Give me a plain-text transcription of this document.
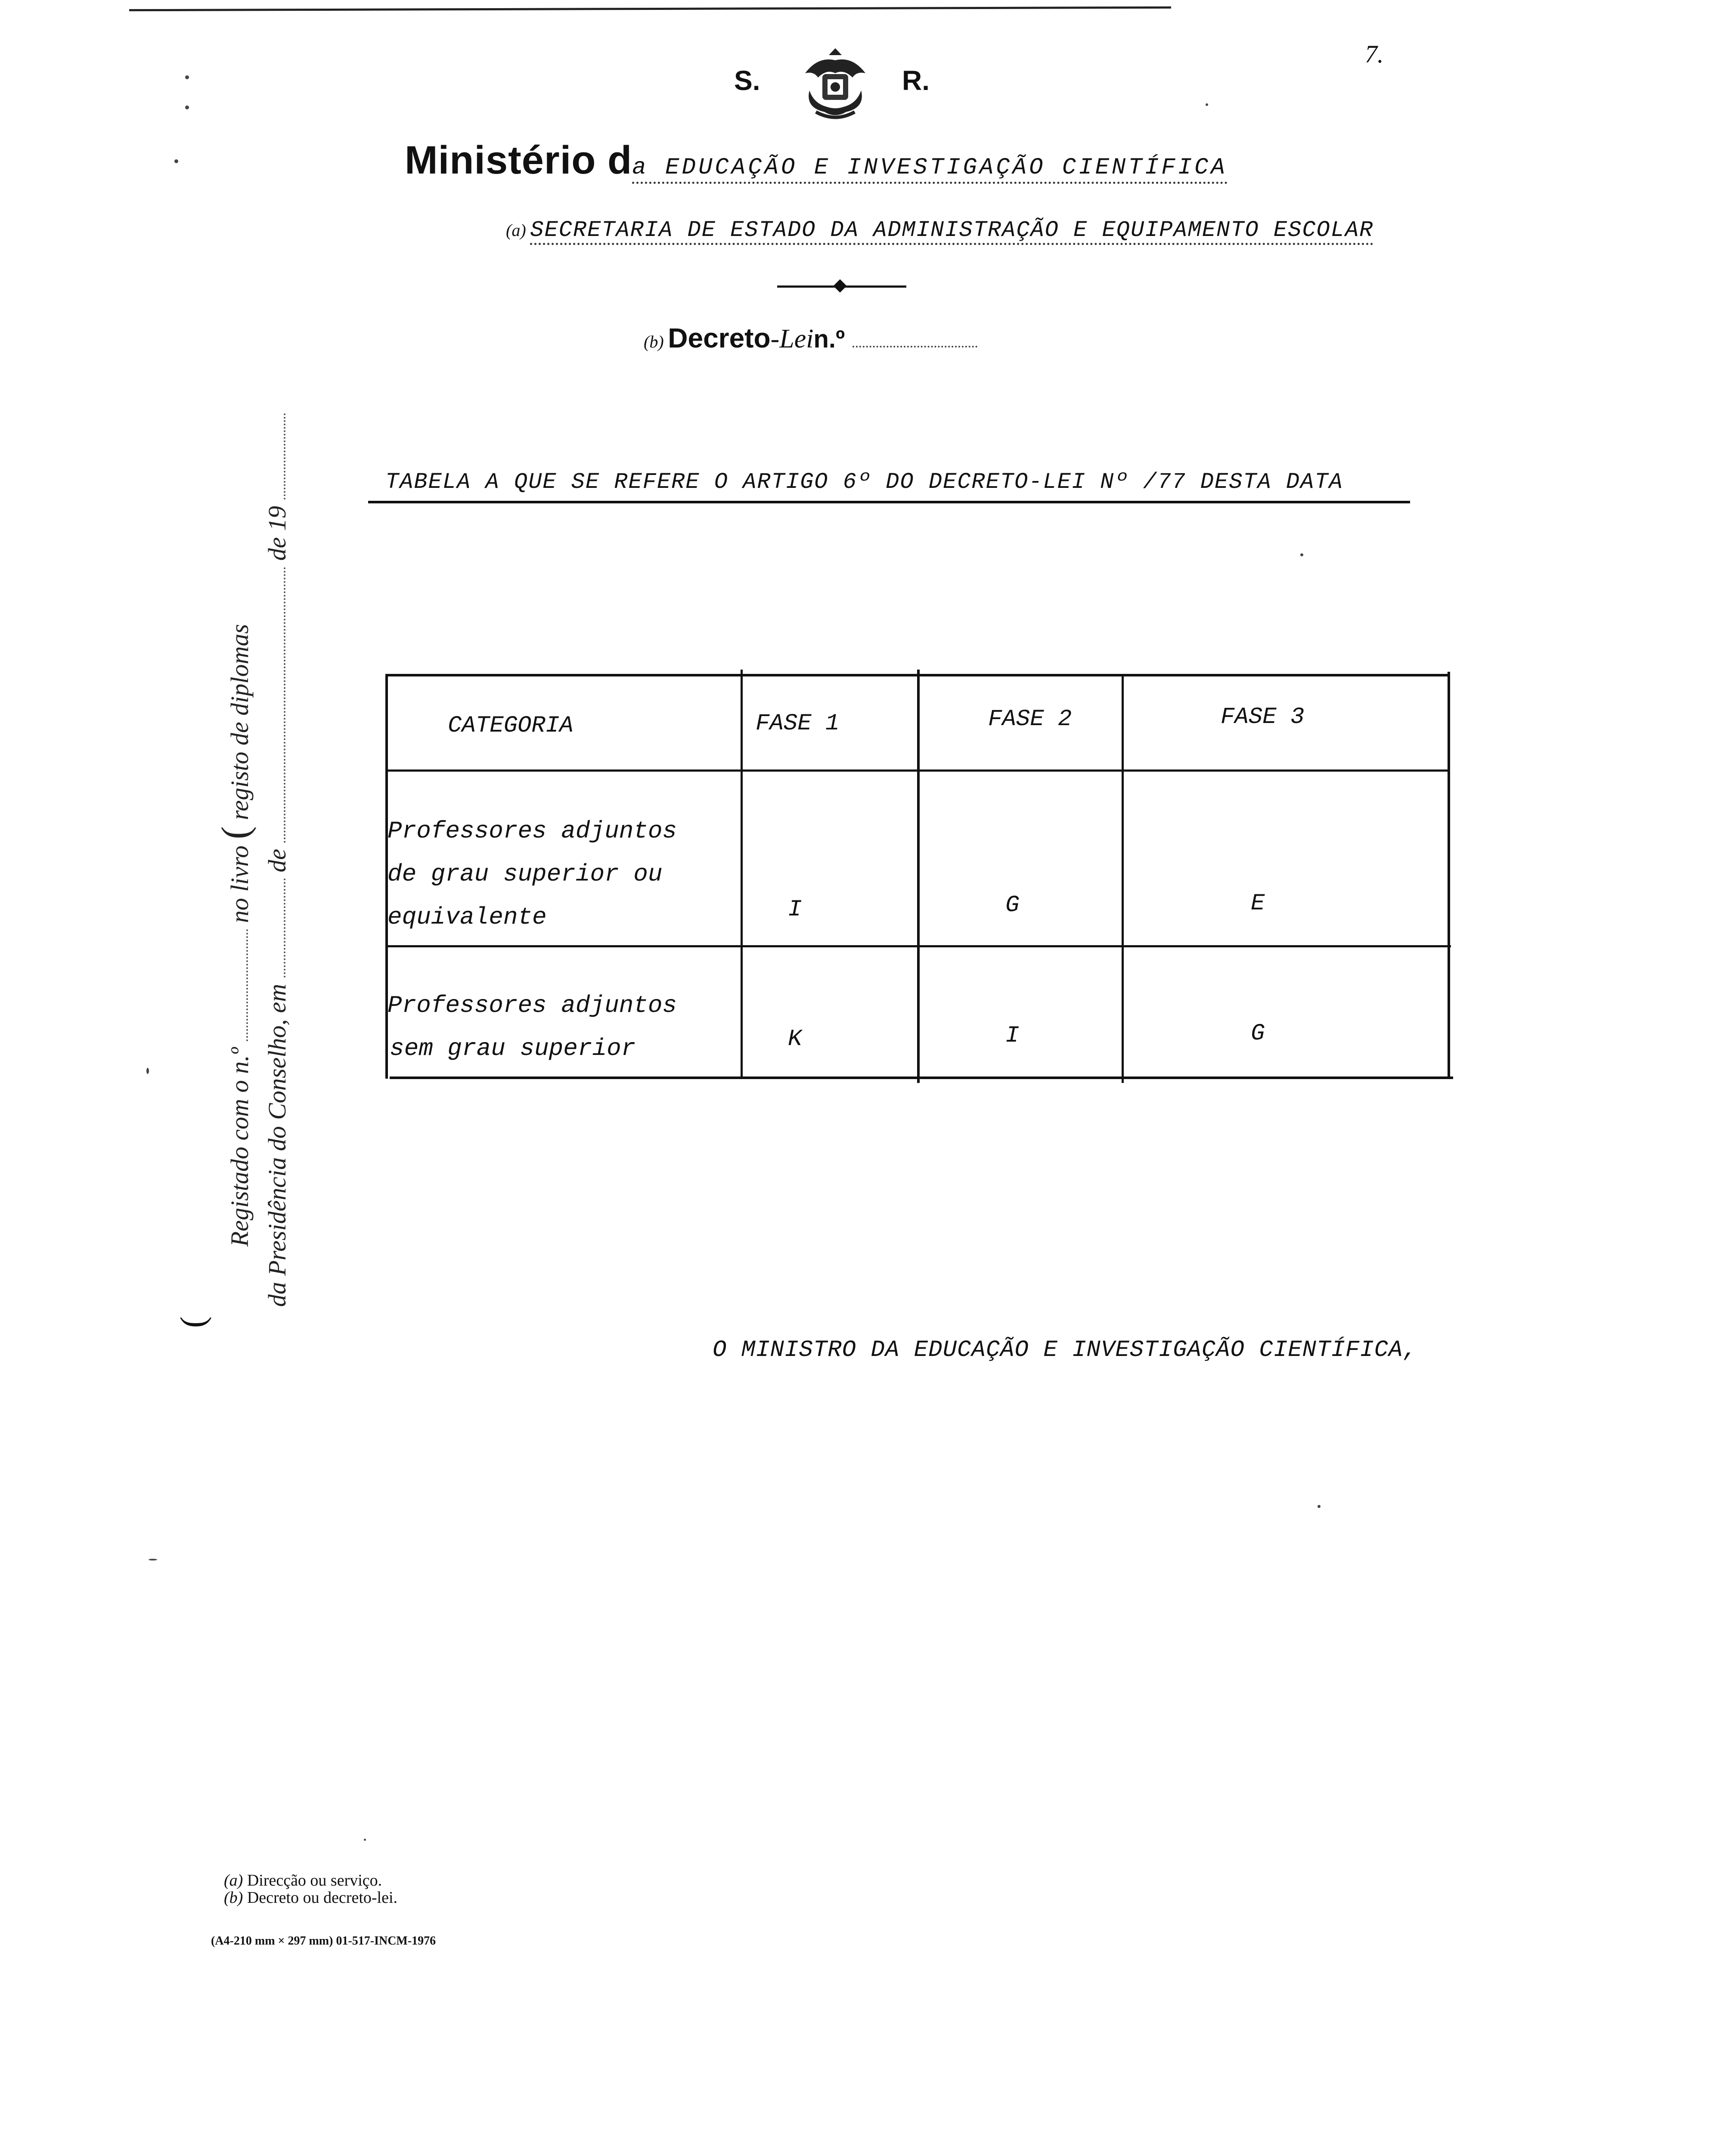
7.
S.	R.
Ministério da EDUCAÇÃO E INVESTIGAÇÃO CIENTÍFICA
(a) SECRETARIA DE ESTADO DA ADMINISTRAÇÃO E EQUIPAMENTO ESCOLAR
(b) Decreto-Lein.º
TABELA A QUE SE REFERE O ARTIGO 6º DO DECRETO-LEI Nº /77 DESTA DATA
CATEGORIA	FASE 1	FASE 2	FASE 3
Professores adjuntos
de grau superior ou
equivalente	I	G	E
Professores adjuntos
sem grau superior	K	I	G
Registado com o n.º  no livro ( registo de diplomas
da Presidência do Conselho, em  de  de 19
(
O MINISTRO DA EDUCAÇÃO E INVESTIGAÇÃO CIENTÍFICA,
(a) Direcção ou serviço.
(b) Decreto ou decreto-lei.
(A4-210 mm × 297 mm) 01-517-INCM-1976
